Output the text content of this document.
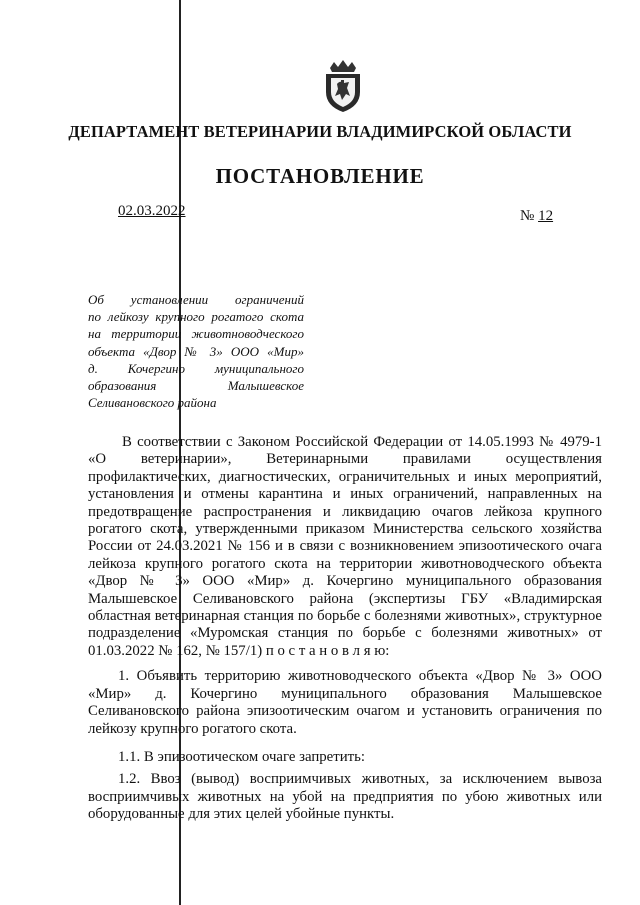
ДЕПАРТАМЕНТ ВЕТЕРИНАРИИ ВЛАДИМИРСКОЙ ОБЛАСТИ
ПОСТАНОВЛЕНИЕ
02.03.2022	№ 12
Об установлении ограничений
по лейкозу крупного рогатого скота
на территории животноводческого
объекта «Двор № 3» ООО «Мир»
д. Кочергино муниципального
образования Малышевское
Селивановского района

В соответствии с Законом Российской Федерации от 14.05.1993 № 4979-1 «О ветеринарии», Ветеринарными правилами осуществления профилактических, диагностических, ограничительных и иных мероприятий, установления и отмены карантина и иных ограничений, направленных на предотвращение распространения и ликвидацию очагов лейкоза крупного рогатого скота, утвержденными приказом Министерства сельского хозяйства России от 24.03.2021 № 156 и в связи с возникновением эпизоотического очага лейкоза крупного рогатого скота на территории животноводческого объекта «Двор № 3» ООО «Мир» д. Кочергино муниципального образования Малышевское Селивановского района (экспертизы ГБУ «Владимирская областная ветеринарная станция по борьбе с болезнями животных», структурное подразделение «Муромская станция по борьбе с болезнями животных» от 01.03.2022 № 162, № 157/1) п о с т а н о в л я ю:

1. Объявить территорию животноводческого объекта «Двор № 3» ООО «Мир» д. Кочергино муниципального образования Малышевское Селивановского района эпизоотическим очагом и установить ограничения по лейкозу крупного рогатого скота.

1.1. В эпизоотическом очаге запретить:

1.2. Ввоз (вывод) восприимчивых животных, за исключением вывоза восприимчивых животных на убой на предприятия по убою животных или оборудованные для этих целей убойные пункты.
